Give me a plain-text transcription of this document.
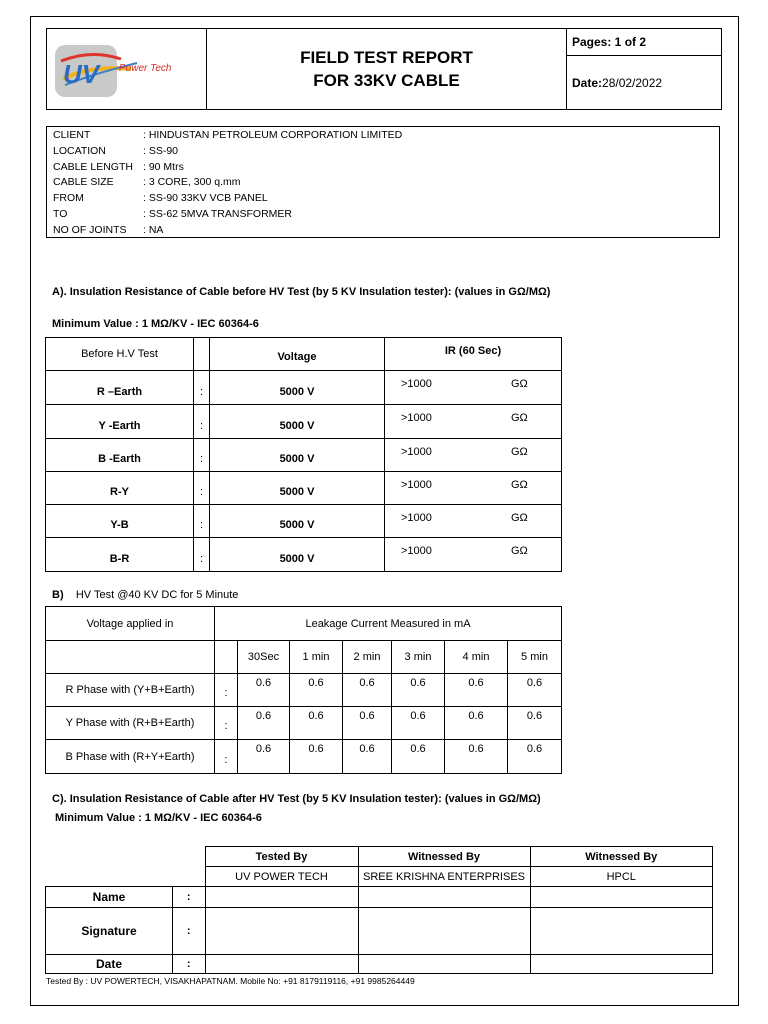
UV Power Tech

FIELD TEST REPORT
FOR 33KV CABLE
	Pages: 1 of 2
Date:28/02/2022
CLIENT	: HINDUSTAN PETROLEUM CORPORATION LIMITED
LOCATION	: SS-90
CABLE LENGTH : 90 Mtrs
CABLE SIZE	: 3 CORE, 300 q.mm
FROM	: SS-90 33KV VCB PANEL
TO	: SS-62 5MVA TRANSFORMER
NO OF JOINTS : NA
A). Insulation Resistance of Cable before HV Test (by 5 KV Insulation tester): (values in GΩ/MΩ)
Minimum Value : 1 MΩ/KV - IEC 60364-6
Before H.V Test		Voltage	IR (60 Sec)
R –Earth	:	5000 V	>1000 GΩ
Y -Earth	:	5000 V	>1000 GΩ
B -Earth	:	5000 V	>1000 GΩ
R-Y	:	5000 V	>1000 GΩ
Y-B	:	5000 V	>1000 GΩ
B-R	:	5000 V	>1000 GΩ
B) HV Test @40 KV DC for 5 Minute
Voltage applied in	Leakage Current Measured in mA						
		30Sec	1 min	2 min	3 min	4 min	5 min
R Phase with (Y+B+Earth)	:	0.6	0.6	0.6	0.6	0.6	0.6
Y Phase with (R+B+Earth)	:	0.6	0.6	0.6	0.6	0.6	0.6
B Phase with (R+Y+Earth)	:	0.6	0.6	0.6	0.6	0.6	0.6
C). Insulation Resistance of Cable after HV Test (by 5 KV Insulation tester): (values in GΩ/MΩ)
Minimum Value : 1 MΩ/KV - IEC 60364-6
		Tested By	Witnessed By	Witnessed By
		UV POWER TECH	SREE KRISHNA ENTERPRISES	HPCL
Name	:			
Signature	:			
Date	:			
Tested By : UV POWERTECH, VISAKHAPATNAM. Mobile No: +91 8179119116, +91 9985264449
